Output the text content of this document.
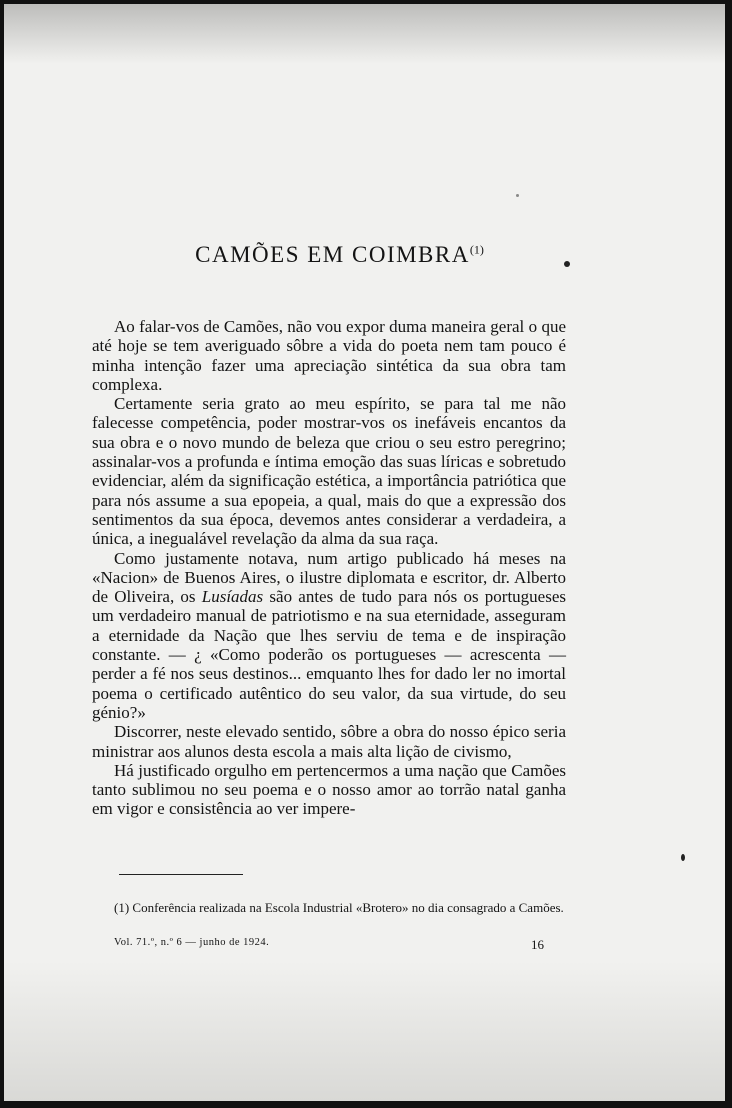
CAMÕES EM COIMBRA$^{(1)}$

Ao falar-vos de Camões, não vou expor duma maneira geral o que até hoje se tem averiguado sôbre a vida do poeta nem tam pouco é minha intenção fazer uma apreciação sintética da sua obra tam complexa.

Certamente seria grato ao meu espírito, se para tal me não falecesse competência, poder mostrar-vos os inefáveis encantos da sua obra e o novo mundo de beleza que criou o seu estro peregrino; assinalar-vos a profunda e íntima emoção das suas líricas e sobretudo evidenciar, além da significação estética, a importância patriótica que para nós assume a sua epopeia, a qual, mais do que a expressão dos sentimentos da sua época, devemos antes considerar a verdadeira, a única, a inegualável revelação da alma da sua raça.

Como justamente notava, num artigo publicado há meses na «Nacion» de Buenos Aires, o ilustre diplomata e escritor, dr. Alberto de Oliveira, os Lusíadas são antes de tudo para nós os portugueses um verdadeiro manual de patriotismo e na sua eternidade, asseguram a eternidade da Nação que lhes serviu de tema e de inspiração constante. — ¿ «Como poderão os portugueses — acrescenta — perder a fé nos seus destinos... emquanto lhes for dado ler no imortal poema o certificado autêntico do seu valor, da sua virtude, do seu génio?»

Discorrer, neste elevado sentido, sôbre a obra do nosso épico seria ministrar aos alunos desta escola a mais alta lição de civismo,

Há justificado orgulho em pertencermos a uma nação que Camões tanto sublimou no seu poema e o nosso amor ao torrão natal ganha em vigor e consistência ao ver impere-

(1) Conferência realizada na Escola Industrial «Brotero» no dia consagrado a Camões.
Vol. 71.º, n.º 6 — junho de 1924.	16
